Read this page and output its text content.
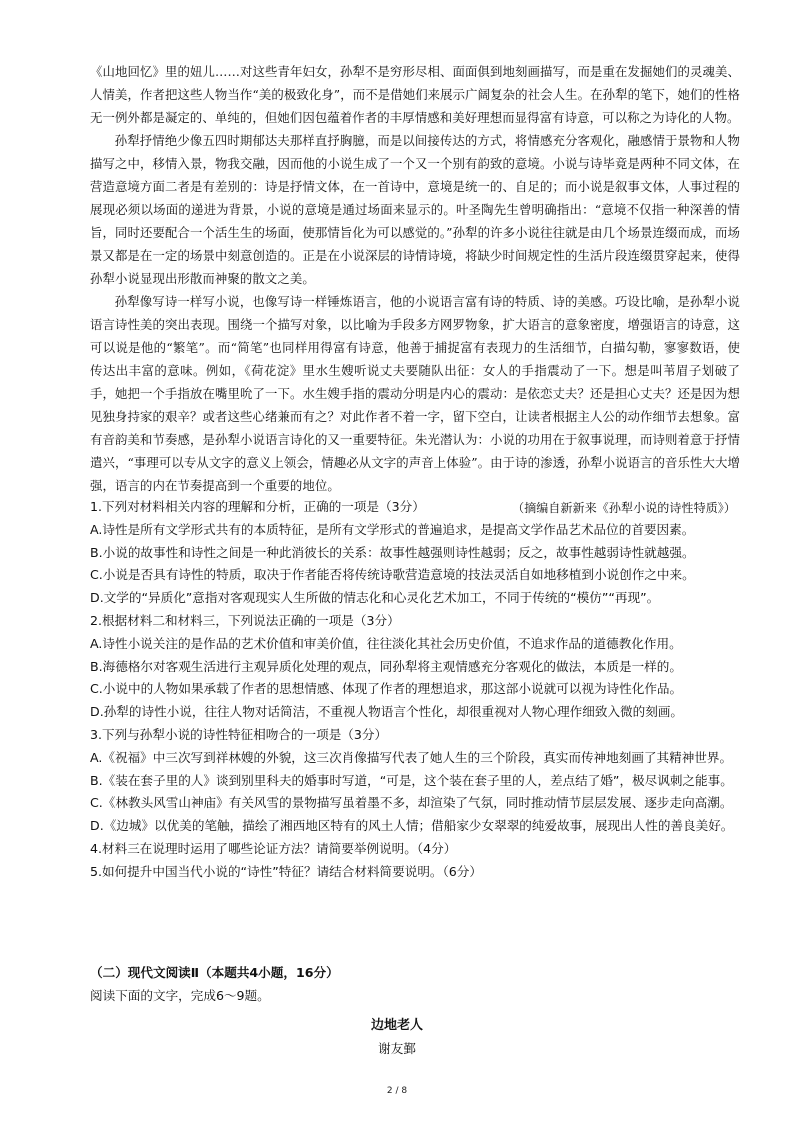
《山地回忆》里的妞儿……对这些青年妇女，孙犁不是穷形尽相、面面俱到地刻画描写，而是重在发掘她们的灵魂美、人情美，作者把这些人物当作“美的极致化身”，而不是借她们来展示广阔复杂的社会人生。在孙犁的笔下，她们的性格无一例外都是凝定的、单纯的，但她们因包蕴着作者的丰厚情感和美好理想而显得富有诗意，可以称之为诗化的人物。

孙犁抒情绝少像五四时期郁达夫那样直抒胸臆，而是以间接传达的方式，将情感充分客观化，融感情于景物和人物描写之中，移情入景，物我交融，因而他的小说生成了一个又一个别有韵致的意境。小说与诗毕竟是两种不同文体，在营造意境方面二者是有差别的：诗是抒情文体，在一首诗中，意境是统一的、自足的；而小说是叙事文体，人事过程的展现必须以场面的递进为背景，小说的意境是通过场面来显示的。叶圣陶先生曾明确指出：“意境不仅指一种深善的情旨，同时还要配合一个活生生的场面，使那情旨化为可以感觉的。”孙犁的许多小说往往就是由几个场景连缀而成，而场景又都是在一定的场景中刻意创造的。正是在小说深层的诗情诗境，将缺少时间规定性的生活片段连缀贯穿起来，使得孙犁小说显现出形散而神聚的散文之美。

孙犁像写诗一样写小说，也像写诗一样锤炼语言，他的小说语言富有诗的特质、诗的美感。巧设比喻，是孙犁小说语言诗性美的突出表现。围绕一个描写对象，以比喻为手段多方网罗物象，扩大语言的意象密度，增强语言的诗意，这可以说是他的“繁笔”。而“简笔”也同样用得富有诗意，他善于捕捉富有表现力的生活细节，白描勾勒，寥寥数语，使传达出丰富的意味。例如，《荷花淀》里水生嫂听说丈夫要随队出征：女人的手指震动了一下。想是叫苇眉子划破了手，她把一个手指放在嘴里吮了一下。水生嫂手指的震动分明是内心的震动：是依恋丈夫？还是担心丈夫？还是因为想见独身持家的艰辛？或者这些心绪兼而有之？对此作者不着一字，留下空白，让读者根据主人公的动作细节去想象。富有音韵美和节奏感，是孙犁小说语言诗化的又一重要特征。朱光潜认为：小说的功用在于叙事说理，而诗则着意于抒情遣兴，“事理可以专从文字的意义上领会，情趣必从文字的声音上体验”。由于诗的渗透，孙犁小说语言的音乐性大大增强，语言的内在节奏提高到一个重要的地位。

（摘编自新新来《孙犁小说的诗性特质》）

1.下列对材料相关内容的理解和分析，正确的一项是（3分）

A.诗性是所有文学形式共有的本质特征，是所有文学形式的普遍追求，是提高文学作品艺术品位的首要因素。

B.小说的故事性和诗性之间是一种此消彼长的关系：故事性越强则诗性越弱；反之，故事性越弱诗性就越强。

C.小说是否具有诗性的特质，取决于作者能否将传统诗歌营造意境的技法灵活自如地移植到小说创作之中来。

D.文学的“异质化”意指对客观现实人生所做的情志化和心灵化艺术加工，不同于传统的“模仿”“再现”。

2.根据材料二和材料三，下列说法正确的一项是（3分）

A.诗性小说关注的是作品的艺术价值和审美价值，往往淡化其社会历史价值，不追求作品的道德教化作用。

B.海德格尔对客观生活进行主观异质化处理的观点，同孙犁将主观情感充分客观化的做法，本质是一样的。

C.小说中的人物如果承载了作者的思想情感、体现了作者的理想追求，那这部小说就可以视为诗性化作品。

D.孙犁的诗性小说，往往人物对话简洁，不重视人物语言个性化，却很重视对人物心理作细致入微的刻画。

3.下列与孙犁小说的诗性特征相吻合的一项是（3分）

A.《祝福》中三次写到祥林嫂的外貌，这三次肖像描写代表了她人生的三个阶段，真实而传神地刻画了其精神世界。

B.《装在套子里的人》谈到别里科夫的婚事时写道，“可是，这个装在套子里的人，差点结了婚”，极尽讽刺之能事。

C.《林教头风雪山神庙》有关风雪的景物描写虽着墨不多，却渲染了气氛，同时推动情节层层发展、逐步走向高潮。

D.《边城》以优美的笔触，描绘了湘西地区特有的风土人情；借船家少女翠翠的纯爱故事，展现出人性的善良美好。

4.材料三在说理时运用了哪些论证方法？请简要举例说明。（4分）

5.如何提升中国当代小说的“诗性”特征？请结合材料简要说明。（6分）

（二）现代文阅读Ⅱ（本题共4小题，16分）

阅读下面的文字，完成6～9题。

边地老人
谢友鄞
2 / 8
